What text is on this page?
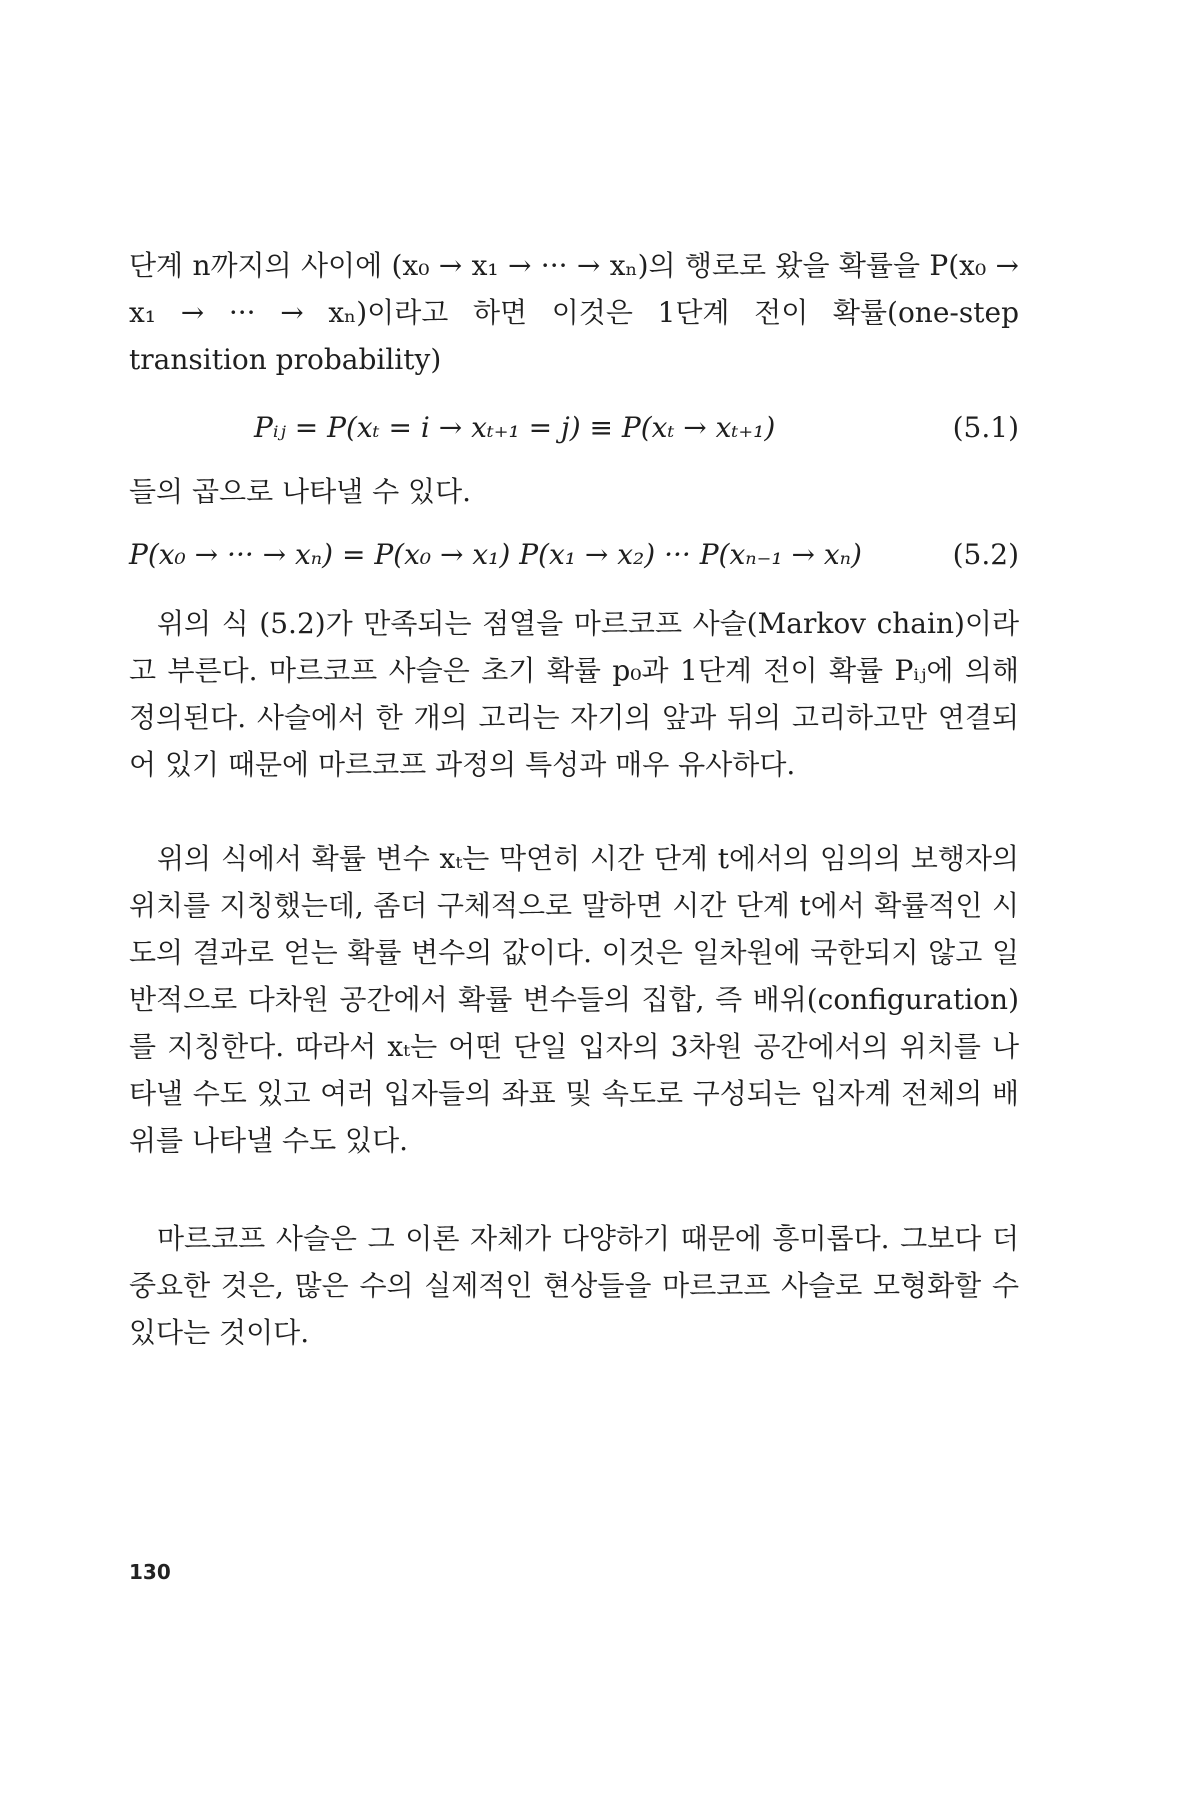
단계 n까지의 사이에 (x₀ → x₁ → ··· → xₙ)의 행로로 왔을 확률을 P(x₀ → x₁ → ··· → xₙ)이라고 하면 이것은 1단계 전이 확률(one-step transition probability)

Pᵢⱼ = P(xₜ = i → xₜ₊₁ = j) ≡ P(xₜ → xₜ₊₁)	(5.1)

들의 곱으로 나타낼 수 있다.

P(x₀ → ··· → xₙ) = P(x₀ → x₁) P(x₁ → x₂) ··· P(xₙ₋₁ → xₙ)	(5.2)

위의 식 (5.2)가 만족되는 점열을 마르코프 사슬(Markov chain)이라고 부른다. 마르코프 사슬은 초기 확률 p₀과 1단계 전이 확률 Pᵢⱼ에 의해 정의된다. 사슬에서 한 개의 고리는 자기의 앞과 뒤의 고리하고만 연결되어 있기 때문에 마르코프 과정의 특성과 매우 유사하다.

위의 식에서 확률 변수 xₜ는 막연히 시간 단계 t에서의 임의의 보행자의 위치를 지칭했는데, 좀더 구체적으로 말하면 시간 단계 t에서 확률적인 시도의 결과로 얻는 확률 변수의 값이다. 이것은 일차원에 국한되지 않고 일반적으로 다차원 공간에서 확률 변수들의 집합, 즉 배위(configuration)를 지칭한다. 따라서 xₜ는 어떤 단일 입자의 3차원 공간에서의 위치를 나타낼 수도 있고 여러 입자들의 좌표 및 속도로 구성되는 입자계 전체의 배위를 나타낼 수도 있다.

마르코프 사슬은 그 이론 자체가 다양하기 때문에 흥미롭다. 그보다 더 중요한 것은, 많은 수의 실제적인 현상들을 마르코프 사슬로 모형화할 수 있다는 것이다.

130
